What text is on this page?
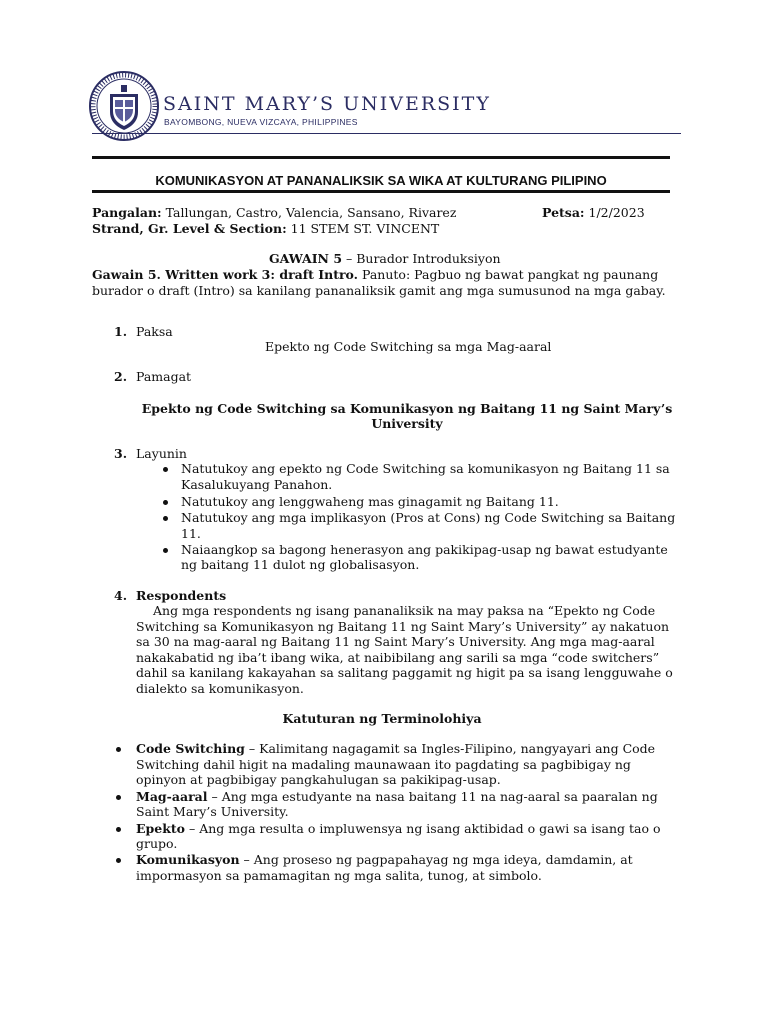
SAINT MARY’S UNIVERSITY
BAYOMBONG, NUEVA VIZCAYA, PHILIPPINES
KOMUNIKASYON AT PANANALIKSIK SA WIKA AT KULTURANG PILIPINO
Pangalan: Tallungan, Castro, Valencia, Sansano, Rivarez	Petsa: 1/2/2023
Strand, Gr. Level & Section: 11 STEM ST. VINCENT
GAWAIN 5 – Burador Introduksiyon
Gawain 5. Written work 3: draft Intro. Panuto: Pagbuo ng bawat pangkat ng paunang
burador o draft (Intro) sa kanilang pananaliksik gamit ang mga sumusunod na mga gabay.
1. Paksa
Epekto ng Code Switching sa mga Mag-aaral
2. Pamagat
Epekto ng Code Switching sa Komunikasyon ng Baitang 11 ng Saint Mary’s
University
3. Layunin
Natutukoy ang epekto ng Code Switching sa komunikasyon ng Baitang 11 sa
Kasalukuyang Panahon.
Natutukoy ang lenggwaheng mas ginagamit ng Baitang 11.
Natutukoy ang mga implikasyon (Pros at Cons) ng Code Switching sa Baitang
11.
Naiaangkop sa bagong henerasyon ang pakikipag-usap ng bawat estudyante
ng baitang 11 dulot ng globalisasyon.
4. Respondents
Ang mga respondents ng isang pananaliksik na may paksa na “Epekto ng Code
Switching sa Komunikasyon ng Baitang 11 ng Saint Mary’s University” ay nakatuon
sa 30 na mag-aaral ng Baitang 11 ng Saint Mary’s University. Ang mga mag-aaral
nakakabatid ng iba’t ibang wika, at naibibilang ang sarili sa mga “code switchers”
dahil sa kanilang kakayahan sa salitang paggamit ng higit pa sa isang lengguwahe o
dialekto sa komunikasyon.
Katuturan ng Terminolohiya
Code Switching – Kalimitang nagagamit sa Ingles-Filipino, nangyayari ang Code
Switching dahil higit na madaling maunawaan ito pagdating sa pagbibigay ng
opinyon at pagbibigay pangkahulugan sa pakikipag-usap.
Mag-aaral – Ang mga estudyante na nasa baitang 11 na nag-aaral sa paaralan ng
Saint Mary’s University.
Epekto – Ang mga resulta o impluwensya ng isang aktibidad o gawi sa isang tao o
grupo.
Komunikasyon – Ang proseso ng pagpapahayag ng mga ideya, damdamin, at
impormasyon sa pamamagitan ng mga salita, tunog, at simbolo.
